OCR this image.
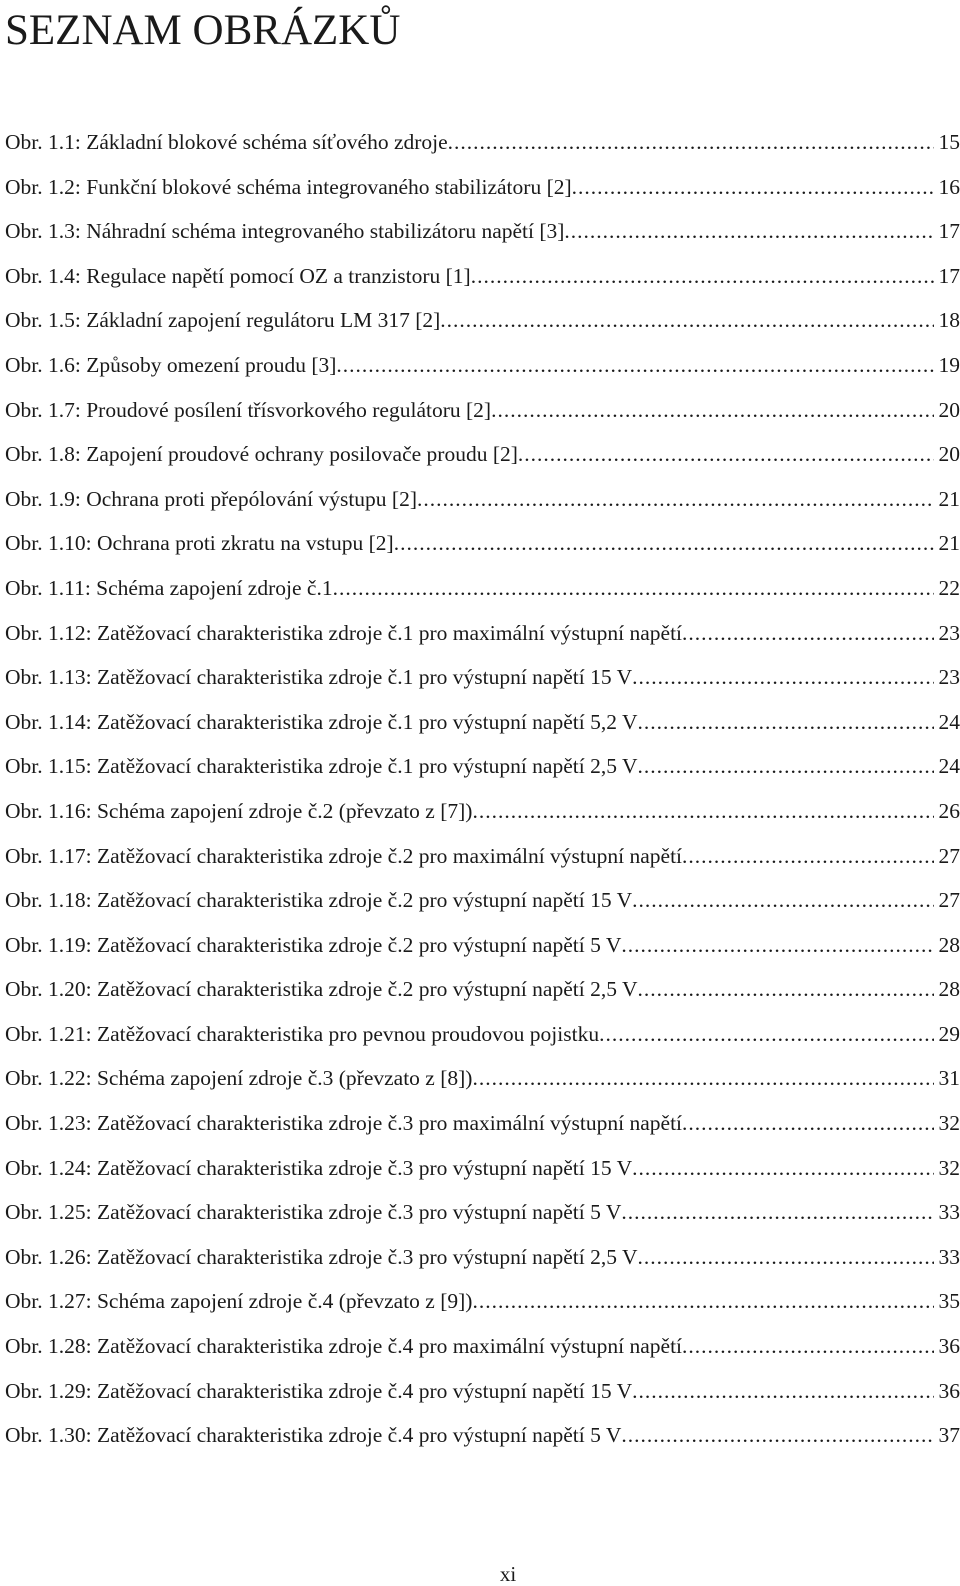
SEZNAM OBRÁZKŮ
Obr. 1.1: Základní blokové schéma síťového zdroje .....	15
Obr. 1.2: Funkční blokové schéma integrovaného stabilizátoru [2] .....	16
Obr. 1.3: Náhradní schéma integrovaného stabilizátoru napětí [3] .....	17
Obr. 1.4: Regulace napětí pomocí OZ a tranzistoru [1] .....	17
Obr. 1.5: Základní zapojení regulátoru LM 317 [2] .....	18
Obr. 1.6: Způsoby omezení proudu [3] .....	19
Obr. 1.7: Proudové posílení třísvorkového regulátoru [2] .....	20
Obr. 1.8: Zapojení proudové ochrany posilovače proudu [2] .....	20
Obr. 1.9: Ochrana proti přepólování výstupu [2] .....	21
Obr. 1.10: Ochrana proti zkratu na vstupu [2] .....	21
Obr. 1.11: Schéma zapojení zdroje č.1 .....	22
Obr. 1.12: Zatěžovací charakteristika zdroje č.1 pro maximální výstupní napětí .....	23
Obr. 1.13: Zatěžovací charakteristika zdroje č.1 pro výstupní napětí 15 V .....	23
Obr. 1.14: Zatěžovací charakteristika zdroje č.1 pro výstupní napětí 5,2 V .....	24
Obr. 1.15: Zatěžovací charakteristika zdroje č.1 pro výstupní napětí 2,5 V .....	24
Obr. 1.16: Schéma zapojení zdroje č.2 (převzato z [7]) .....	26
Obr. 1.17: Zatěžovací charakteristika zdroje č.2 pro maximální výstupní napětí .....	27
Obr. 1.18: Zatěžovací charakteristika zdroje č.2 pro výstupní napětí 15 V .....	27
Obr. 1.19: Zatěžovací charakteristika zdroje č.2 pro výstupní napětí 5 V .....	28
Obr. 1.20: Zatěžovací charakteristika zdroje č.2 pro výstupní napětí 2,5 V .....	28
Obr. 1.21: Zatěžovací charakteristika pro pevnou proudovou pojistku .....	29
Obr. 1.22: Schéma zapojení zdroje č.3 (převzato z [8]) .....	31
Obr. 1.23: Zatěžovací charakteristika zdroje č.3 pro maximální výstupní napětí .....	32
Obr. 1.24: Zatěžovací charakteristika zdroje č.3 pro výstupní napětí 15 V .....	32
Obr. 1.25: Zatěžovací charakteristika zdroje č.3 pro výstupní napětí 5 V .....	33
Obr. 1.26: Zatěžovací charakteristika zdroje č.3 pro výstupní napětí 2,5 V .....	33
Obr. 1.27: Schéma zapojení zdroje č.4 (převzato z [9]) .....	35
Obr. 1.28: Zatěžovací charakteristika zdroje č.4 pro maximální výstupní napětí .....	36
Obr. 1.29: Zatěžovací charakteristika zdroje č.4 pro výstupní napětí 15 V .....	36
Obr. 1.30: Zatěžovací charakteristika zdroje č.4 pro výstupní napětí 5 V .....	37
xi
